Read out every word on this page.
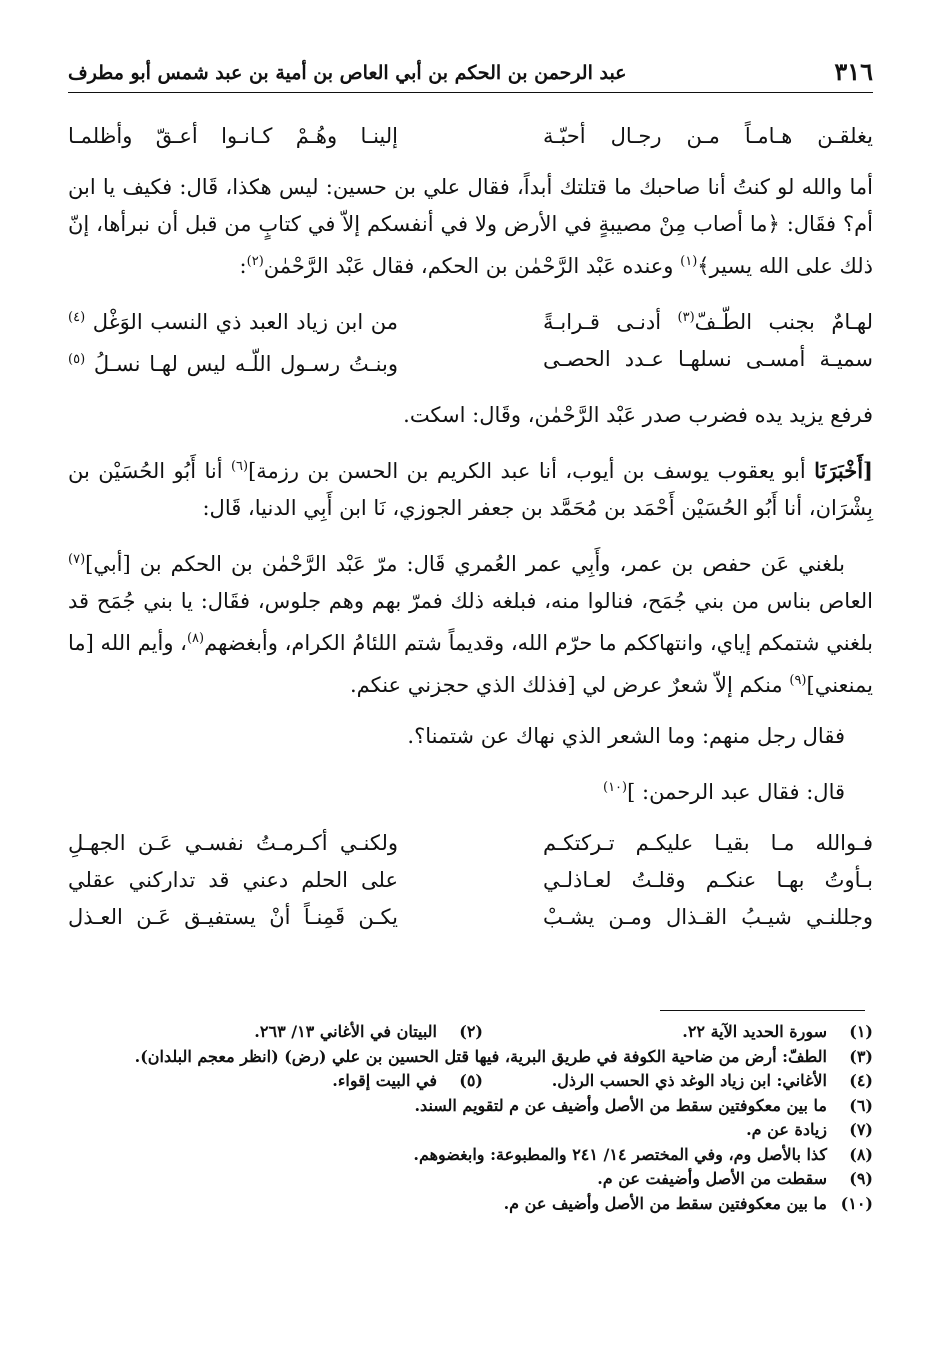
٣١٦
عبد الرحمن بن الحكم بن أبي العاص بن أمية بن عبد شمس أبو مطرف

يغلقـن هـامـاً مـن رجـال أحبّـة
إلينـا وهُـمْ كـانـوا أعـقّ وأظلمـا

أما والله لو كنتُ أنا صاحبك ما قتلتك أبداً، فقال علي بن حسين: ليس هكذا، قَال: فكيف يا ابن أم؟ فقَال: ﴿ما أصاب مِنْ مصيبةٍ في الأرض ولا في أنفسكم إلاّ في كتابٍ من قبل أن نبرأها، إنّ ذلك على الله يسير﴾$^{(١)}$ وعنده عَبْد الرَّحْمٰن بن الحكم، فقال عَبْد الرَّحْمٰن$^{(٢)}$:

لهـامٌ بجنب الطّـفّ$^{(٣)}$ أدنـى قـرابـةً
من ابن زياد العبد ذي النسب الوَغْل $^{(٤)}$

سميـة أمسـى نسلهـا عـدد الحصـى
وبنـتُ رسـول اللّـه ليس لهـا نسـلُ $^{(٥)}$

فرفع يزيد يده فضرب صدر عَبْد الرَّحْمٰن، وقَال: اسكت.

[أَخْبَرَنَا أبو يعقوب يوسف بن أيوب، أنا عبد الكريم بن الحسن بن رزمة]$^{(٦)}$ أنا أَبُو الحُسَيْن بن بِشْرَان، أنا أَبُو الحُسَيْن أَحْمَد بن مُحَمَّد بن جعفر الجوزي، نَا ابن أَبِي الدنيا، قَال:

بلغني عَن حفص بن عمر، وأَبِي عمر العُمري قَال: مرّ عَبْد الرَّحْمٰن بن الحكم بن [أبي]$^{(٧)}$ العاص بناس من بني جُمَح، فنالوا منه، فبلغه ذلك فمرّ بهم وهم جلوس، فقَال: يا بني جُمَح قد بلغني شتمكم إياي، وانتهاككم ما حرّم الله، وقديماً شتم اللئامُ الكرام، وأبغضهم$^{(٨)}$، وأيم الله [ما يمنعني]$^{(٩)}$ منكم إلاّ شعرٌ عرض لي [فذلك الذي حجزني عنكم.

فقال رجل منهم: وما الشعر الذي نهاك عن شتمنا؟.

قال: فقال عبد الرحمن: ]$^{(١٠)}$

فـوالله مـا بقيـا عليكـم تـركتكـم
ولكنـي أكـرمـتُ نفسـي عَـن الجهـلِ

بـأوتُ بهـا عنكـم وقلـتُ لعـاذلـي
على الحلم دعني قد تداركني عقلي

وجللنـي شيـبُ القـذال ومـن يشـبْ
يكـن قَمِنـاً أنْ يستفيـق عَـن العـذل

(١)
سورة الحديد الآية ٢٢.
(٢)
البيتان في الأغاني ١٣/ ٢٦٣.
(٣)
الطفّ: أرض من ضاحية الكوفة في طريق البرية، فيها قتل الحسين بن علي (رض) (انظر معجم البلدان).
(٤)
الأغاني: ابن زياد الوغد ذي الحسب الرذل.
(٥)
في البيت إقواء.
(٦)
ما بين معكوفتين سقط من الأصل وأضيف عن م لتقويم السند.
(٧)
زيادة عن م.
(٨)
كذا بالأصل وم، وفي المختصر ١٤/ ٢٤١ والمطبوعة: وابغضوهم.
(٩)
سقطت من الأصل وأضيفت عن م.
(١٠)
ما بين معكوفتين سقط من الأصل وأضيف عن م.
